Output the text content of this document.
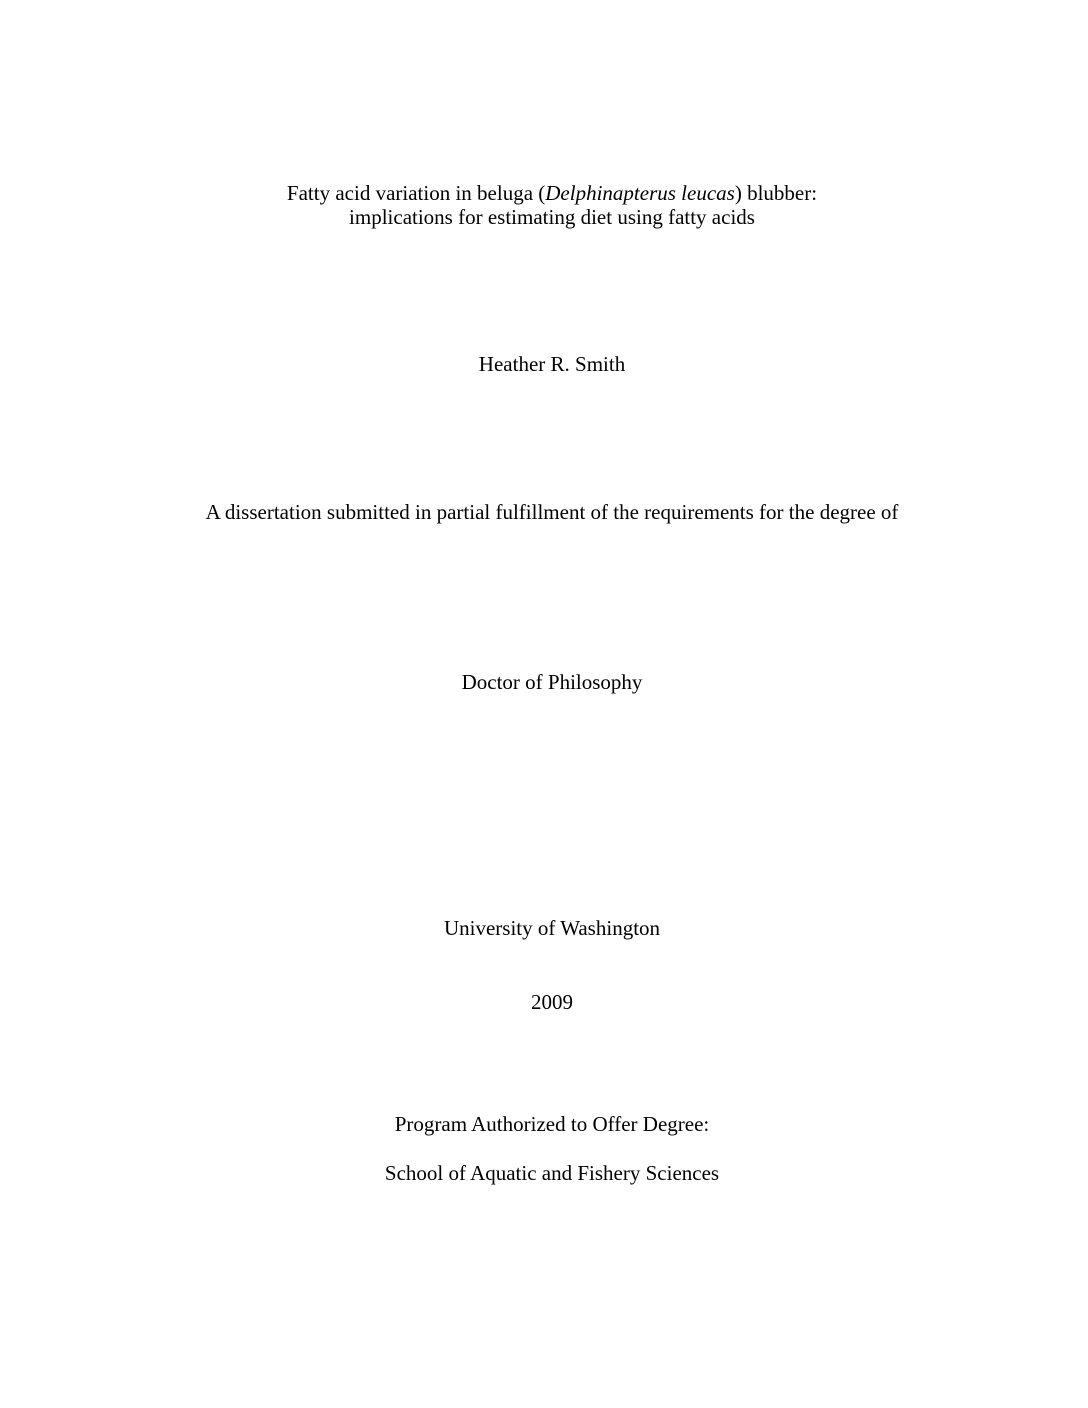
Fatty acid variation in beluga (Delphinapterus leucas) blubber:
implications for estimating diet using fatty acids
Heather R. Smith
A dissertation submitted in partial fulfillment of the requirements for the degree of
Doctor of Philosophy
University of Washington
2009
Program Authorized to Offer Degree:
School of Aquatic and Fishery Sciences
